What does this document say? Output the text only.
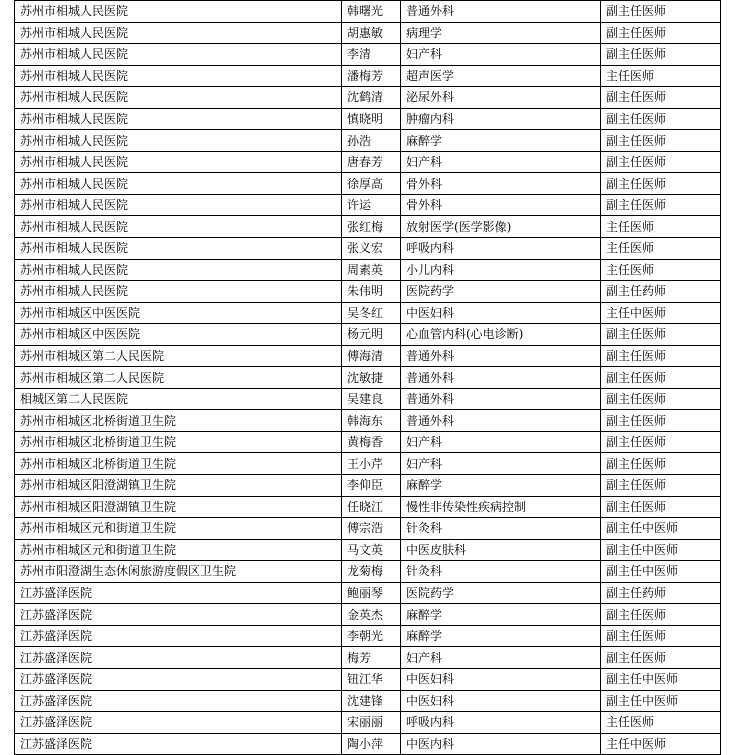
苏州市相城人民医院	韩曙光	普通外科	副主任医师
苏州市相城人民医院	胡惠敏	病理学	副主任医师
苏州市相城人民医院	李清	妇产科	副主任医师
苏州市相城人民医院	潘梅芳	超声医学	主任医师
苏州市相城人民医院	沈鹤清	泌尿外科	副主任医师
苏州市相城人民医院	慎晓明	肿瘤内科	副主任医师
苏州市相城人民医院	孙浩	麻醉学	副主任医师
苏州市相城人民医院	唐春芳	妇产科	副主任医师
苏州市相城人民医院	徐厚高	骨外科	副主任医师
苏州市相城人民医院	许运	骨外科	副主任医师
苏州市相城人民医院	张红梅	放射医学(医学影像)	主任医师
苏州市相城人民医院	张义宏	呼吸内科	主任医师
苏州市相城人民医院	周素英	小儿内科	主任医师
苏州市相城人民医院	朱伟明	医院药学	副主任药师
苏州市相城区中医医院	吴冬红	中医妇科	主任中医师
苏州市相城区中医医院	杨元明	心血管内科(心电诊断)	副主任医师
苏州市相城区第二人民医院	傅海清	普通外科	副主任医师
苏州市相城区第二人民医院	沈敏捷	普通外科	副主任医师
相城区第二人民医院	吴建良	普通外科	副主任医师
苏州市相城区北桥街道卫生院	韩海东	普通外科	副主任医师
苏州市相城区北桥街道卫生院	黄梅香	妇产科	副主任医师
苏州市相城区北桥街道卫生院	王小芹	妇产科	副主任医师
苏州市相城区阳澄湖镇卫生院	李仰臣	麻醉学	副主任医师
苏州市相城区阳澄湖镇卫生院	任晓江	慢性非传染性疾病控制	副主任医师
苏州市相城区元和街道卫生院	傅宗浩	针灸科	副主任中医师
苏州市相城区元和街道卫生院	马文英	中医皮肤科	副主任中医师
苏州市阳澄湖生态休闲旅游度假区卫生院	龙菊梅	针灸科	副主任中医师
江苏盛泽医院	鲍丽琴	医院药学	副主任药师
江苏盛泽医院	金英杰	麻醉学	副主任医师
江苏盛泽医院	李朝光	麻醉学	副主任医师
江苏盛泽医院	梅芳	妇产科	副主任医师
江苏盛泽医院	钮江华	中医妇科	副主任中医师
江苏盛泽医院	沈建锋	中医妇科	副主任中医师
江苏盛泽医院	宋丽丽	呼吸内科	主任医师
江苏盛泽医院	陶小萍	中医内科	主任中医师
